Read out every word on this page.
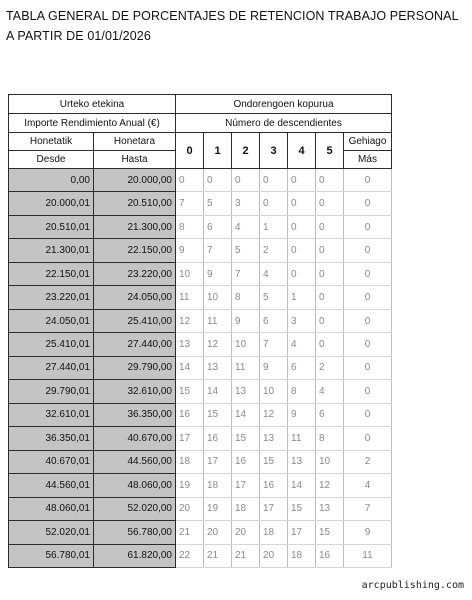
TABLA GENERAL DE PORCENTAJES DE RETENCION TRABAJO PERSONAL A PARTIR DE 01/01/2026
Urteko etekina		Ondorengoen kopurua						
Importe Rendimiento Anual (€)		Número de descendientes						
Honetatik	Honetara	0	1	2	3	4	5	Gehiago
Desde	Hasta							Más
0,00	20.000,00	0	0	0	0	0	0	0
20.000,01	20.510,00	7	5	3	0	0	0	0
20.510,01	21.300,00	8	6	4	1	0	0	0
21.300,01	22.150,00	9	7	5	2	0	0	0
22.150,01	23.220,00	10	9	7	4	0	0	0
23.220,01	24.050,00	11	10	8	5	1	0	0
24.050,01	25.410,00	12	11	9	6	3	0	0
25.410,01	27.440,00	13	12	10	7	4	0	0
27.440,01	29.790,00	14	13	11	9	6	2	0
29.790,01	32.610,00	15	14	13	10	8	4	0
32.610,01	36.350,00	16	15	14	12	9	6	0
36.350,01	40.670,00	17	16	15	13	11	8	0
40.670,01	44.560,00	18	17	16	15	13	10	2
44.560,01	48.060,00	19	18	17	16	14	12	4
48.060,01	52.020,00	20	19	18	17	15	13	7
52.020,01	56.780,00	21	20	20	18	17	15	9
56.780,01	61.820,00	22	21	21	20	18	16	11
arcpublishing.com
